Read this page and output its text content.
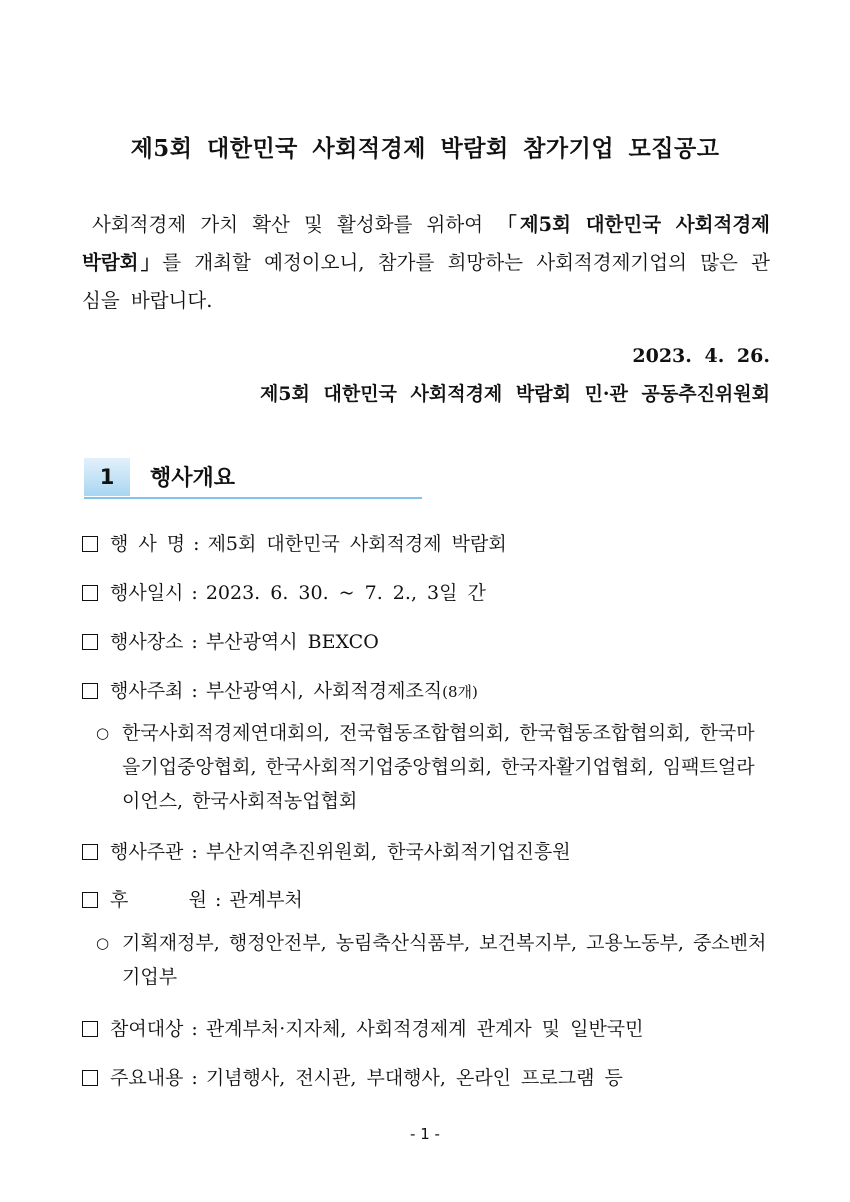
제5회 대한민국 사회적경제 박람회 참가기업 모집공고
사회적경제 가치 확산 및 활성화를 위하여 「제5회 대한민국 사회적경제 박람회」를 개최할 예정이오니, 참가를 희망하는 사회적경제기업의 많은 관심을 바랍니다.
2023. 4. 26.
제5회 대한민국 사회적경제 박람회 민·관 공동추진위원회
1	행사개요
행 사 명 : 제5회 대한민국 사회적경제 박람회
행사일시 : 2023. 6. 30. ~ 7. 2., 3일 간
행사장소 : 부산광역시 BEXCO
행사주최 : 부산광역시, 사회적경제조직(8개)
○ 한국사회적경제연대회의, 전국협동조합협의회, 한국협동조합협의회, 한국마을기업중앙협회, 한국사회적기업중앙협의회, 한국자활기업협회, 임팩트얼라이언스, 한국사회적농업협회
행사주관 : 부산지역추진위원회, 한국사회적기업진흥원
후      원 : 관계부처
○ 기획재정부, 행정안전부, 농림축산식품부, 보건복지부, 고용노동부, 중소벤처기업부
참여대상 : 관계부처·지자체, 사회적경제계 관계자 및 일반국민
주요내용 : 기념행사, 전시관, 부대행사, 온라인 프로그램 등
- 1 -
